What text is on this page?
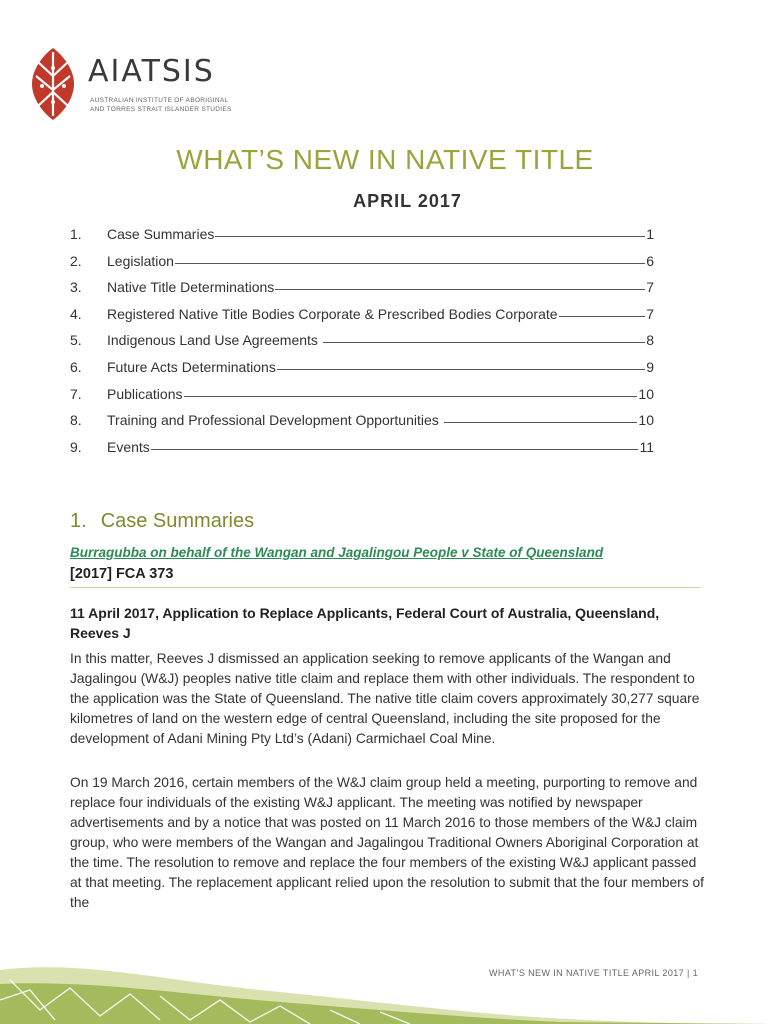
AIATSIS
AUSTRALIAN INSTITUTE OF ABORIGINAL
AND TORRES STRAIT ISLANDER STUDIES
WHAT’S NEW IN NATIVE TITLE
APRIL 2017
1.	Case Summaries	1
2.	Legislation	6
3.	Native Title Determinations	7
4.	Registered Native Title Bodies Corporate & Prescribed Bodies Corporate	7
5.	Indigenous Land Use Agreements	8
6.	Future Acts Determinations	9
7.	Publications	10
8.	Training and Professional Development Opportunities	10
9.	Events	11
1. Case Summaries
Burragubba on behalf of the Wangan and Jagalingou People v State of Queensland
[2017] FCA 373
11 April 2017, Application to Replace Applicants, Federal Court of Australia, Queensland, Reeves J

In this matter, Reeves J dismissed an application seeking to remove applicants of the Wangan and Jagalingou (W&J) peoples native title claim and replace them with other individuals. The respondent to the application was the State of Queensland. The native title claim covers approximately 30,277 square kilometres of land on the western edge of central Queensland, including the site proposed for the development of Adani Mining Pty Ltd’s (Adani) Carmichael Coal Mine.

On 19 March 2016, certain members of the W&J claim group held a meeting, purporting to remove and replace four individuals of the existing W&J applicant. The meeting was notified by newspaper advertisements and by a notice that was posted on 11 March 2016 to those members of the W&J claim group, who were members of the Wangan and Jagalingou Traditional Owners Aboriginal Corporation at the time. The resolution to remove and replace the four members of the existing W&J applicant passed at that meeting. The replacement applicant relied upon the resolution to submit that the four members of the

WHAT’S NEW IN NATIVE TITLE APRIL 2017 | 1
